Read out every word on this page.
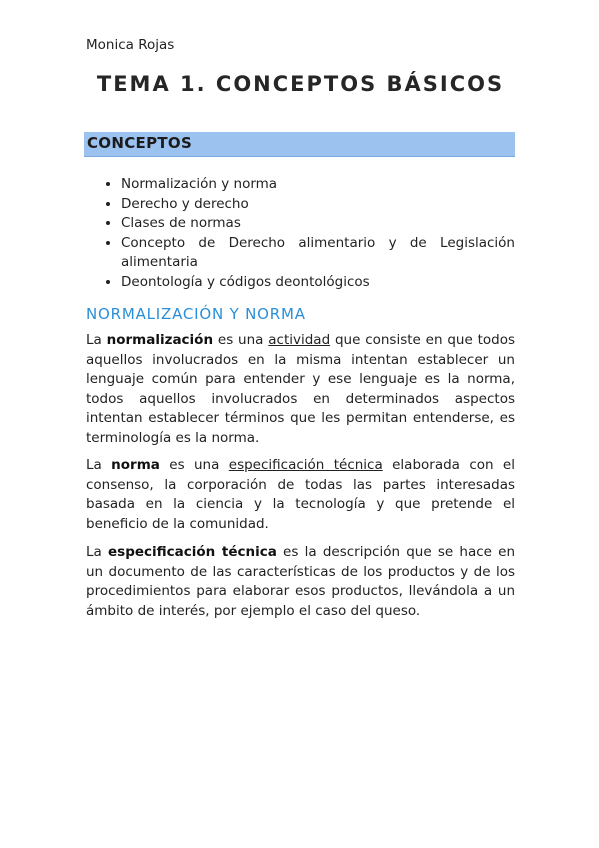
Monica Rojas
TEMA 1. CONCEPTOS BÁSICOS
CONCEPTOS
• Normalización y norma
• Derecho y derecho
• Clases de normas
• Concepto de Derecho alimentario y de Legislación alimentaria
• Deontología y códigos deontológicos
NORMALIZACIÓN Y NORMA

La normalización es una actividad que consiste en que todos aquellos involucrados en la misma intentan establecer un lenguaje común para entender y ese lenguaje es la norma, todos aquellos involucrados en determinados aspectos intentan establecer términos que les permitan entenderse, es terminología es la norma.

La norma es una especificación técnica elaborada con el consenso, la corporación de todas las partes interesadas basada en la ciencia y la tecnología y que pretende el beneficio de la comunidad.

La especificación técnica es la descripción que se hace en un documento de las características de los productos y de los procedimientos para elaborar esos productos, llevándola a un ámbito de interés, por ejemplo el caso del queso.
